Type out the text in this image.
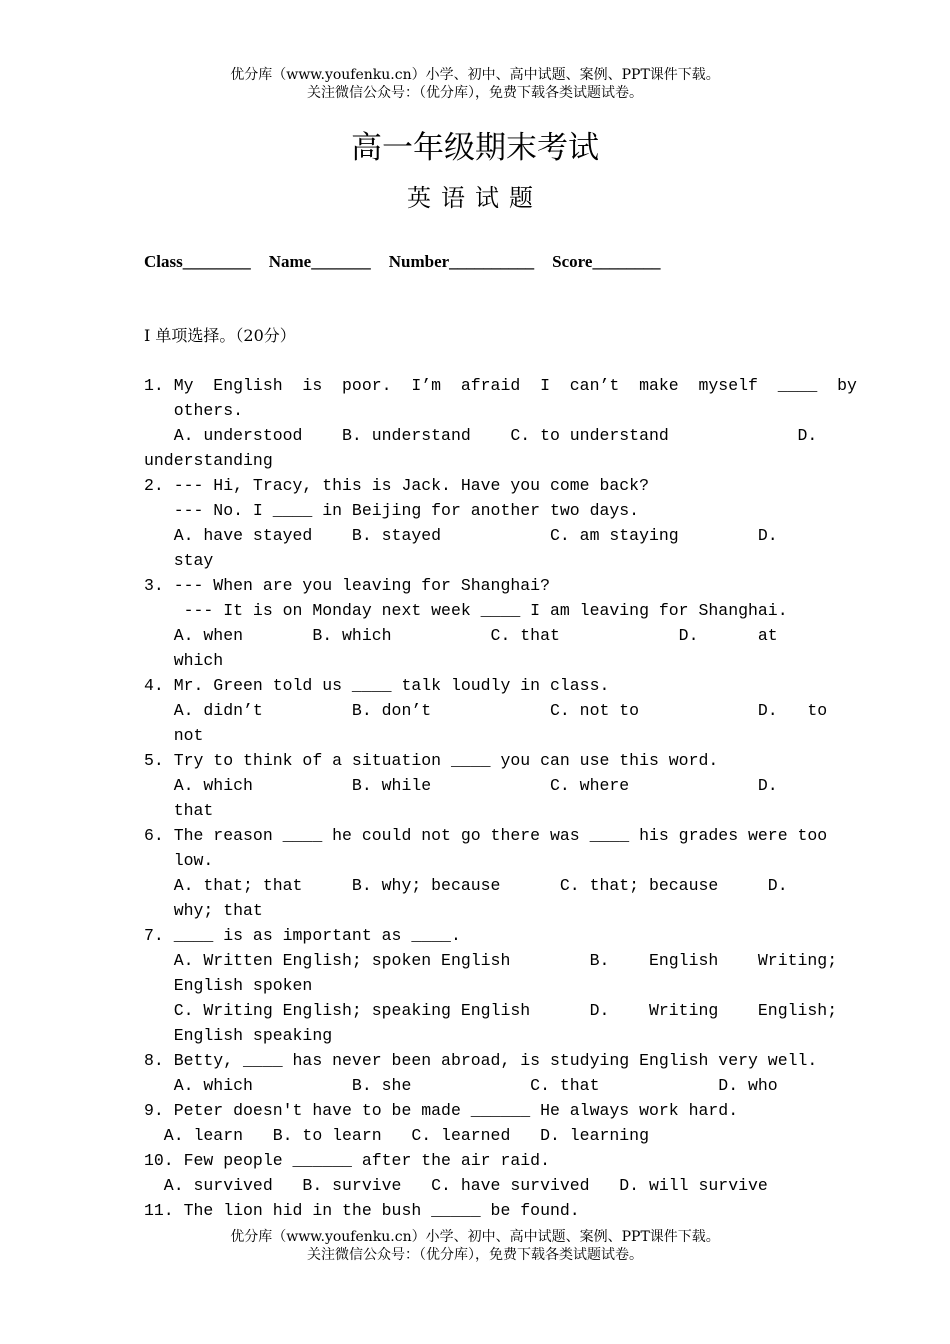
优分库（www.youfenku.cn）小学、初中、高中试题、案例、PPT课件下载。
关注微信公众号：（优分库），免费下载各类试题试卷。
高一年级期末考试
英语试题
Class________ Name_______ Number__________ Score________
I 单项选择。（20分）
1. My  English  is  poor.  I’m  afraid  I  can’t  make  myself  ____  by
others.
A. understood    B. understand    C. to understand             D.
understanding
2. --- Hi, Tracy, this is Jack. Have you come back?
--- No. I ____ in Beijing for another two days.
A. have stayed    B. stayed           C. am staying        D.
stay
3. --- When are you leaving for Shanghai?
--- It is on Monday next week ____ I am leaving for Shanghai.
A. when       B. which          C. that            D.      at
which
4. Mr. Green told us ____ talk loudly in class.
A. didn’t         B. don’t            C. not to            D.   to
not
5. Try to think of a situation ____ you can use this word.
A. which          B. while            C. where             D.
that
6. The reason ____ he could not go there was ____ his grades were too
low.
A. that; that     B. why; because      C. that; because     D.
why; that
7. ____ is as important as ____.
A. Written English; spoken English        B.    English    Writing;
English spoken
C. Writing English; speaking English      D.    Writing    English;
English speaking
8. Betty, ____ has never been abroad, is studying English very well.
A. which          B. she            C. that            D. who
9. Peter doesn't have to be made ______ He always work hard.
A. learn   B. to learn   C. learned   D. learning
10. Few people ______ after the air raid.
A. survived   B. survive   C. have survived   D. will survive
11. The lion hid in the bush _____ be found.
优分库（www.youfenku.cn）小学、初中、高中试题、案例、PPT课件下载。
关注微信公众号：（优分库），免费下载各类试题试卷。
